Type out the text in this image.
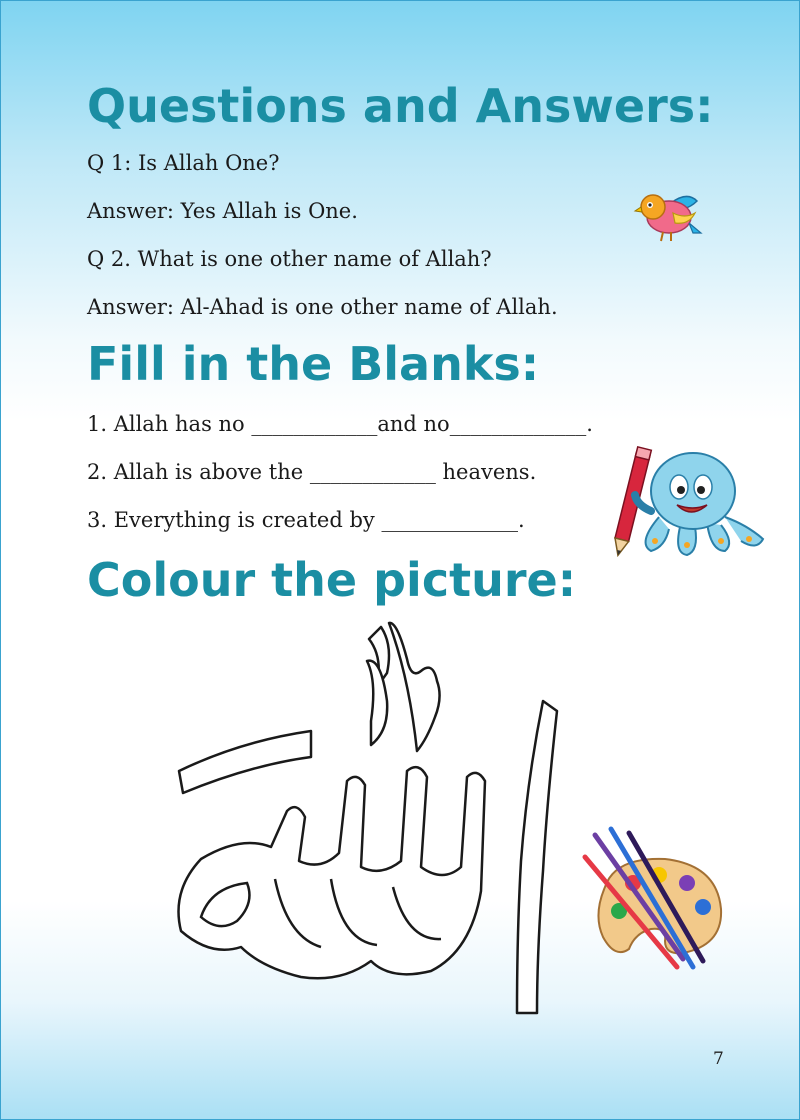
Questions and Answers:

Q 1: Is Allah One?

Answer: Yes Allah is One.

Q 2. What is one other name of Allah?

Answer: Al-Ahad is one other name of Allah.

Fill in the Blanks:

1. Allah has no ____________and no_____________.

2. Allah is above the ____________ heavens.

3. Everything is created by _____________.

Colour the picture:
7
